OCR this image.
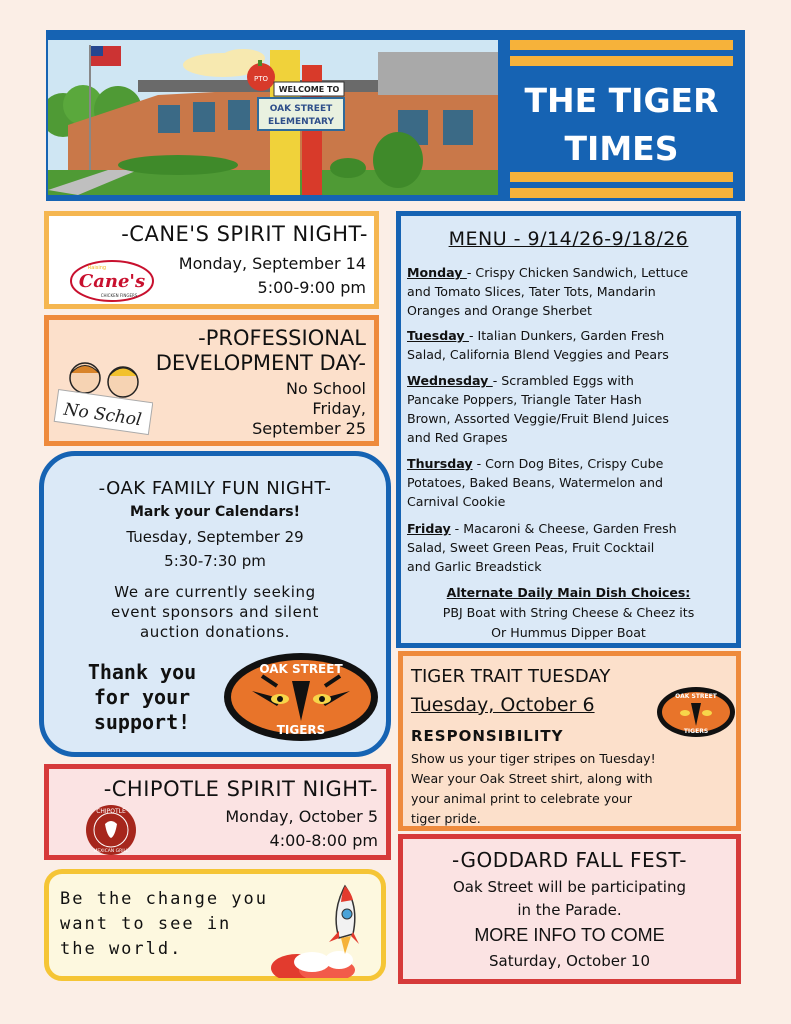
PTO
WELCOME TO
OAK STREET
ELEMENTARY
THE TIGER
TIMES
-CANE'S SPIRIT NIGHT-
Monday, September 14
5:00-9:00 pm
Cane's
Raising
CHICKEN FINGERS
-PROFESSIONAL
DEVELOPMENT DAY-
No School
Friday,
September 25
No Schol
-OAK FAMILY FUN NIGHT-
Mark your Calendars!
Tuesday, September 29
5:30-7:30 pm
We are currently seeking
event sponsors and silent
auction donations.
Thank you
for your
support!
OAK STREET
TIGERS
MENU - 9/14/26-9/18/26
Monday - Crispy Chicken Sandwich, Lettuce
and Tomato Slices, Tater Tots, Mandarin
Oranges and Orange Sherbet
Tuesday - Italian Dunkers, Garden Fresh
Salad, California Blend Veggies and Pears
Wednesday - Scrambled Eggs with
Pancake Poppers, Triangle Tater Hash
Brown, Assorted Veggie/Fruit Blend Juices
and Red Grapes
Thursday - Corn Dog Bites, Crispy Cube
Potatoes, Baked Beans, Watermelon and
Carnival Cookie
Friday - Macaroni & Cheese, Garden Fresh
Salad, Sweet Green Peas, Fruit Cocktail
and Garlic Breadstick
Alternate Daily Main Dish Choices:
PBJ Boat with String Cheese & Cheez its
Or Hummus Dipper Boat
TIGER TRAIT TUESDAY
Tuesday, October 6
RESPONSIBILITY
Show us your tiger stripes on Tuesday!
Wear your Oak Street shirt, along with
your animal print to celebrate your
tiger pride.
OAK STREET
TIGERS
-CHIPOTLE SPIRIT NIGHT-
Monday, October 5
4:00-8:00 pm
CHIPOTLE
MEXICAN GRILL
Be the change you
want to see in
the world.
-GODDARD FALL FEST-
Oak Street will be participating
in the Parade.
MORE INFO TO COME
Saturday, October 10
